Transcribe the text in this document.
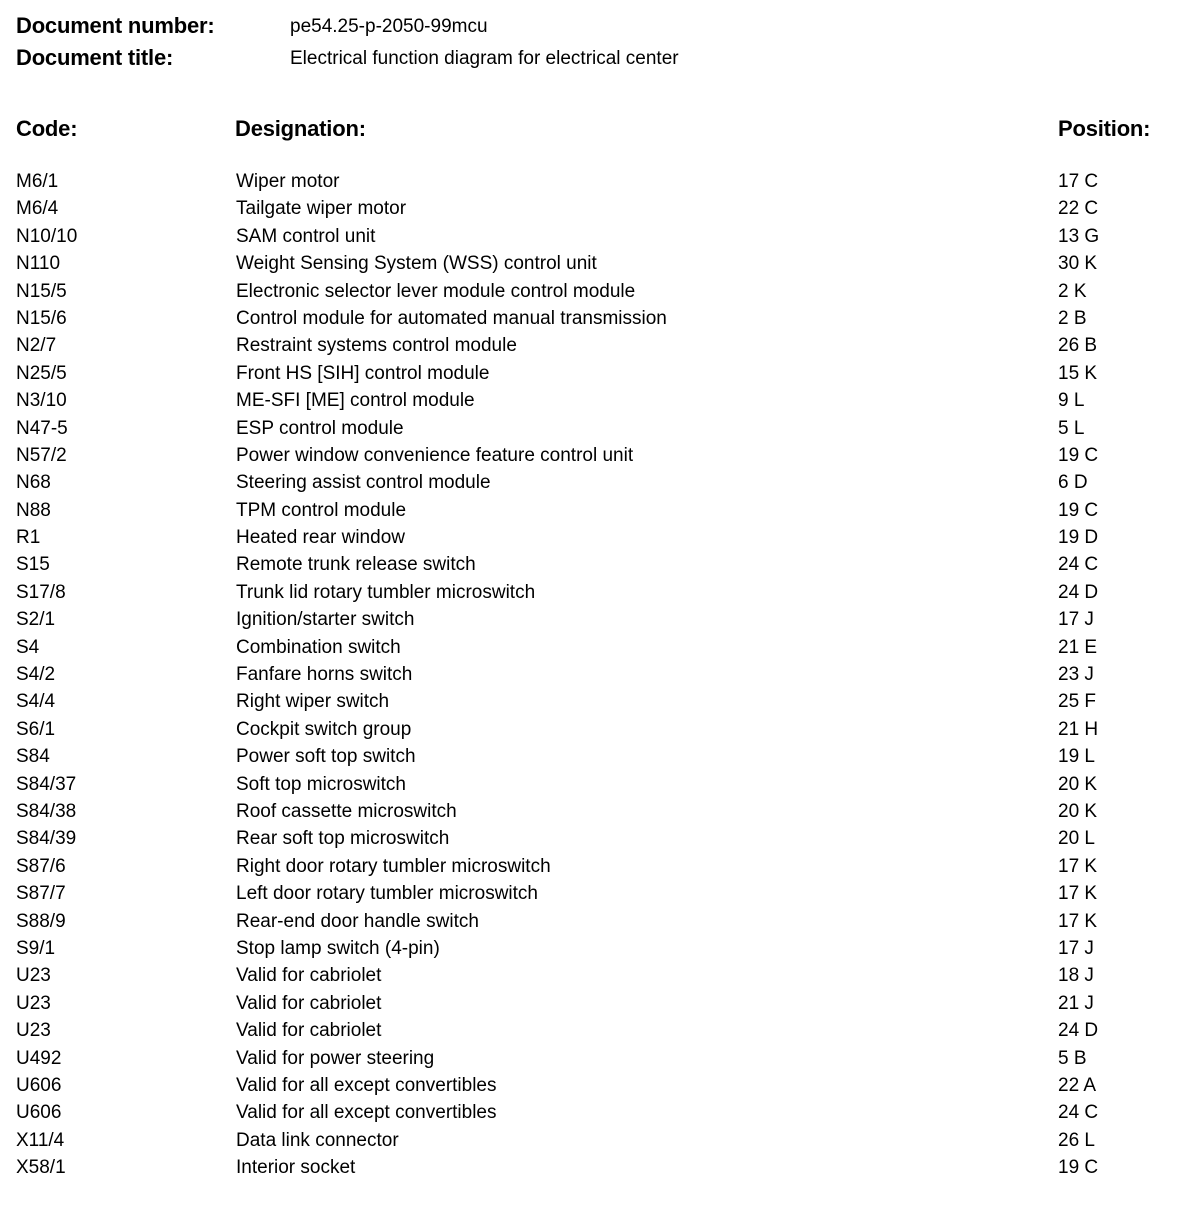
Document number:	pe54.25-p-2050-99mcu
Document title:	Electrical function diagram for electrical center
Code:	Designation:	Position:
M6/1	Wiper motor	17 C
M6/4	Tailgate wiper motor	22 C
N10/10	SAM control unit	13 G
N110	Weight Sensing System (WSS) control unit	30 K
N15/5	Electronic selector lever module control module	2 K
N15/6	Control module for automated manual transmission	2 B
N2/7	Restraint systems control module	26 B
N25/5	Front HS [SIH] control module	15 K
N3/10	ME-SFI [ME] control module	9 L
N47-5	ESP control module	5 L
N57/2	Power window convenience feature control unit	19 C
N68	Steering assist control module	6 D
N88	TPM control module	19 C
R1	Heated rear window	19 D
S15	Remote trunk release switch	24 C
S17/8	Trunk lid rotary tumbler microswitch	24 D
S2/1	Ignition/starter switch	17 J
S4	Combination switch	21 E
S4/2	Fanfare horns switch	23 J
S4/4	Right wiper switch	25 F
S6/1	Cockpit switch group	21 H
S84	Power soft top switch	19 L
S84/37	Soft top microswitch	20 K
S84/38	Roof cassette microswitch	20 K
S84/39	Rear soft top microswitch	20 L
S87/6	Right door rotary tumbler microswitch	17 K
S87/7	Left door rotary tumbler microswitch	17 K
S88/9	Rear-end door handle switch	17 K
S9/1	Stop lamp switch (4-pin)	17 J
U23	Valid for cabriolet	18 J
U23	Valid for cabriolet	21 J
U23	Valid for cabriolet	24 D
U492	Valid for power steering	5 B
U606	Valid for all except convertibles	22 A
U606	Valid for all except convertibles	24 C
X11/4	Data link connector	26 L
X58/1	Interior socket	19 C
